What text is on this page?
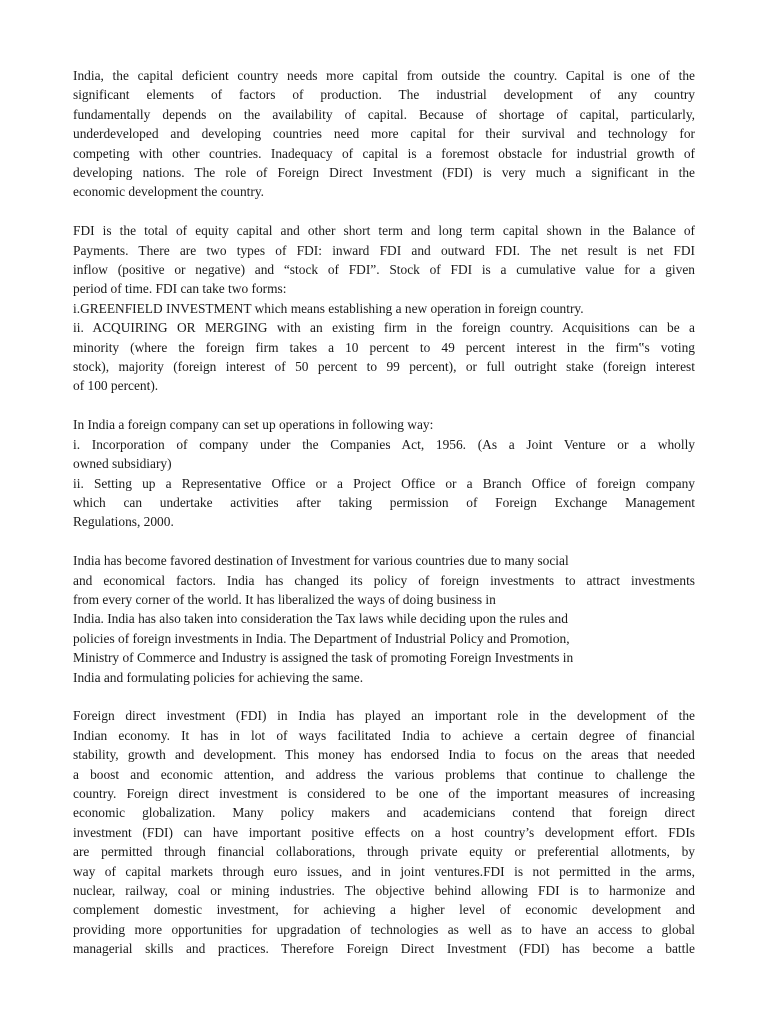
India, the capital deficient country needs more capital from outside the country. Capital is one of the
significant elements of factors of production. The industrial development of any country
fundamentally depends on the availability of capital. Because of shortage of capital, particularly,
underdeveloped and developing countries need more capital for their survival and technology for
competing with other countries. Inadequacy of capital is a foremost obstacle for industrial growth of
developing nations. The role of Foreign Direct Investment (FDI) is very much a significant in the
economic development the country.
FDI is the total of equity capital and other short term and long term capital shown in the Balance of
Payments. There are two types of FDI: inward FDI and outward FDI. The net result is net FDI
inflow (positive or negative) and “stock of FDI”. Stock of FDI is a cumulative value for a given
period of time. FDI can take two forms:
i.GREENFIELD INVESTMENT which means establishing a new operation in foreign country.
ii. ACQUIRING OR MERGING with an existing firm in the foreign country. Acquisitions can be a
minority (where the foreign firm takes a 10 percent to 49 percent interest in the firm‟s voting
stock), majority (foreign interest of 50 percent to 99 percent), or full outright stake (foreign interest
of 100 percent).
In India a foreign company can set up operations in following way:
i. Incorporation of company under the Companies Act, 1956. (As a Joint Venture or a wholly
owned subsidiary)
ii. Setting up a Representative Office or a Project Office or a Branch Office of foreign company
which can undertake activities after taking permission of Foreign Exchange Management
Regulations, 2000.
India has become favored destination of Investment for various countries due to many social
and economical factors. India has changed its policy of foreign investments to attract investments
from every corner of the world. It has liberalized the ways of doing business in
India. India has also taken into consideration the Tax laws while deciding upon the rules and
policies of foreign investments in India. The Department of Industrial Policy and Promotion,
Ministry of Commerce and Industry is assigned the task of promoting Foreign Investments in
India and formulating policies for achieving the same.
Foreign direct investment (FDI) in India has played an important role in the development of the
Indian economy. It has in lot of ways facilitated India to achieve a certain degree of financial
stability, growth and development. This money has endorsed India to focus on the areas that needed
a boost and economic attention, and address the various problems that continue to challenge the
country. Foreign direct investment is considered to be one of the important measures of increasing
economic globalization. Many policy makers and academicians contend that foreign direct
investment (FDI) can have important positive effects on a host country’s development effort. FDIs
are permitted through financial collaborations, through private equity or preferential allotments, by
way of capital markets through euro issues, and in joint ventures.FDI is not permitted in the arms,
nuclear, railway, coal or mining industries. The objective behind allowing FDI is to harmonize and
complement domestic investment, for achieving a higher level of economic development and
providing more opportunities for upgradation of technologies as well as to have an access to global
managerial skills and practices. Therefore Foreign Direct Investment (FDI) has become a battle
